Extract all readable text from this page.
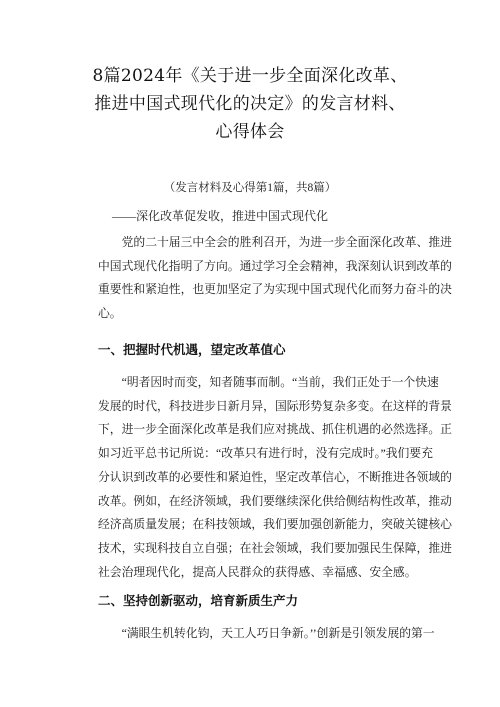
8篇2024年《关于进一步全面深化改革、
推进中国式现代化的决定》的发言材料、
心得体会
（发言材料及心得第1篇，共8篇）
——深化改革促发收，推进中国式现代化
　　党的二十届三中全会的胜利召开，为进一步全面深化改革、推进
中国式现代化指明了方向。通过学习全会精神，我深刻认识到改革的
重要性和紧迫性，也更加坚定了为实现中国式现代化而努力奋斗的决
心。
一、把握时代机遇，望定改革值心
　　“明者因时而变，知者随事而制。“当前，我们正处于一个快速
发展的时代，科技进步日新月异，国际形势复杂多变。在这样的背景
下，进一步全面深化改革是我们应对挑战、抓住机遇的必然选择。正
如习近平总书记所说：“改革只有进行时，没有完成时。”我们要充
分认识到改革的必要性和紧迫性，坚定改革信心，不断推进各领域的
改革。例如，在经济领域，我们要继续深化供给侧结构性改革，推动
经济高质量发展；在科技领域，我们要加强创新能力，突破关键核心
技术，实现科技自立自强；在社会领域，我们要加强民生保障，推进
社会治理现代化，提高人民群众的获得感、幸福感、安全感。
二、坚持创新驱动，培育新质生产力
　　“满眼生机转化钧，天工人巧日争新。’’创新是引领发展的第一
